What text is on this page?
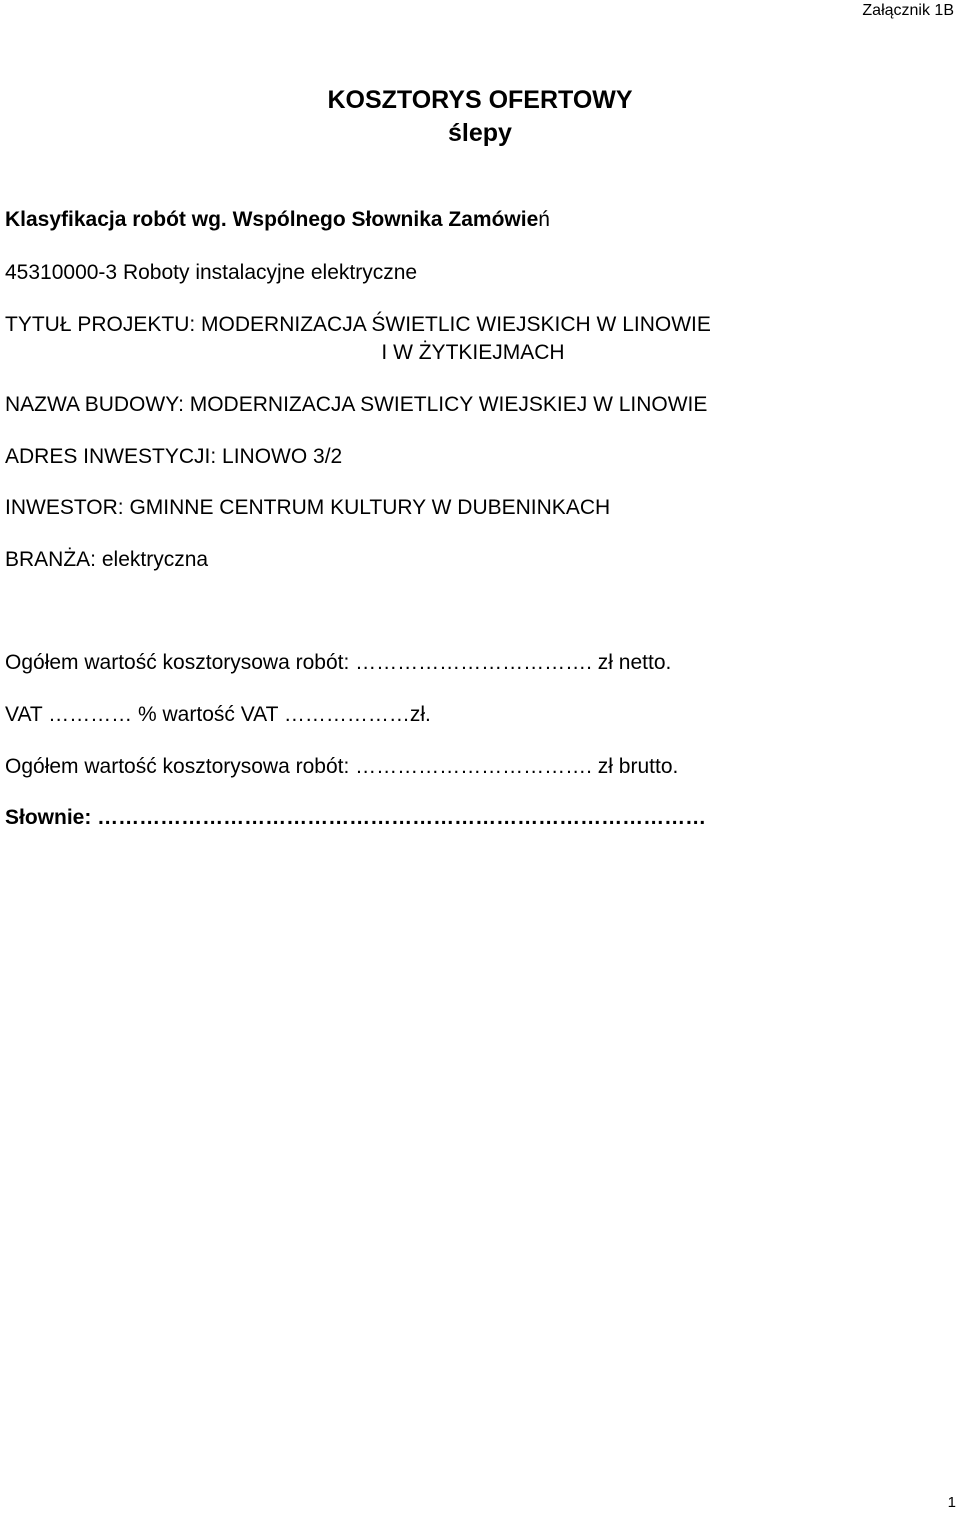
Załącznik 1B
KOSZTORYS OFERTOWY
ślepy
Klasyfikacja robót wg. Wspólnego Słownika Zamówień
45310000-3 Roboty instalacyjne elektryczne
TYTUŁ PROJEKTU: MODERNIZACJA ŚWIETLIC WIEJSKICH W LINOWIE
I W ŻYTKIEJMACH
NAZWA BUDOWY: MODERNIZACJA SWIETLICY WIEJSKIEJ W LINOWIE
ADRES INWESTYCJI: LINOWO 3/2
INWESTOR: GMINNE CENTRUM KULTURY W DUBENINKACH
BRANŻA: elektryczna
Ogółem wartość kosztorysowa robót: ……………………………. zł netto.
VAT ………… % wartość VAT ………………zł.
Ogółem wartość kosztorysowa robót: ……………………………. zł brutto.
Słownie: ……………………………………………………………………………
1
